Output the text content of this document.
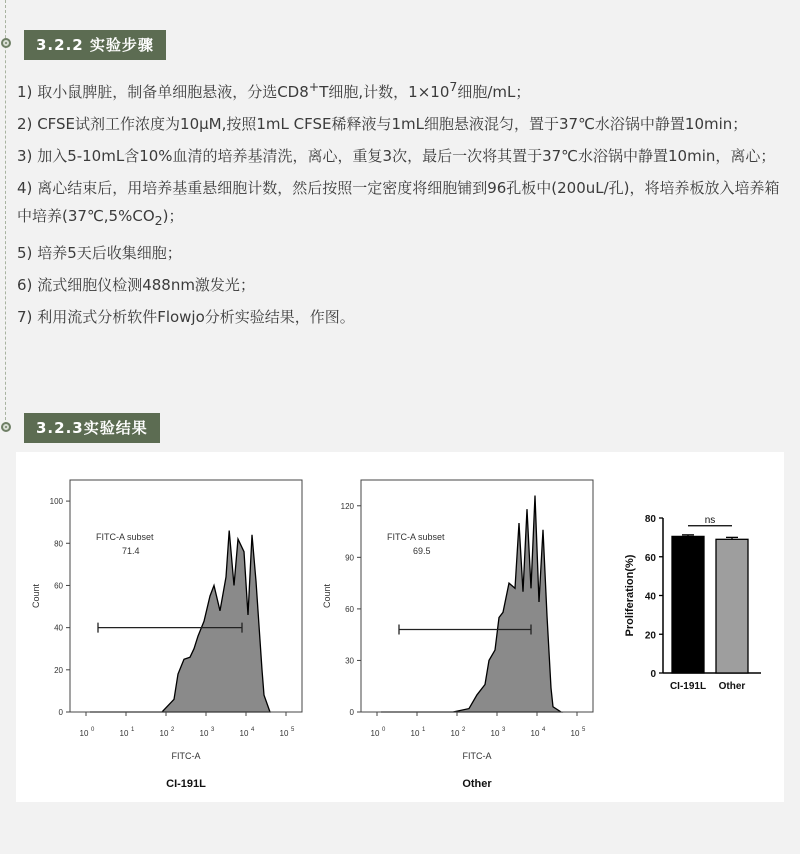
3.2.2 实验步骤

1) 取小鼠脾脏，制备单细胞悬液，分选CD8+T细胞,计数，$1\times 10^7$细胞/mL；

2) CFSE试剂工作浓度为10μM,按照1mL CFSE稀释液与1mL细胞悬液混匀，置于37℃水浴锅中静置10min；

3) 加入5-10mL含10%血清的培养基清洗，离心，重复3次，最后一次将其置于37℃水浴锅中静置10min，离心；

4) 离心结束后，用培养基重悬细胞计数，然后按照一定密度将细胞铺到96孔板中(200uL/孔)，将培养板放入培养箱中培养$(37℃,5\%CO_2)$；

5) 培养5天后收集细胞；

6) 流式细胞仪检测488nm激发光；

7) 利用流式分析软件Flowjo分析实验结果，作图。

3.2.3实验结果
FITC-A subset
71.4
0
20
40
60
80
100
10 0	10 1	10 2	10 3	10 4	10 5
FITC-A
Count
CI-191L
FITC-A subset
69.5
0
30
60
90
120
10 0	10 1	10 2	10 3	10 4	10 5
FITC-A
Count
Other
0
20
40
60
80
CI-191L Other
ns
Proliferation(%)
